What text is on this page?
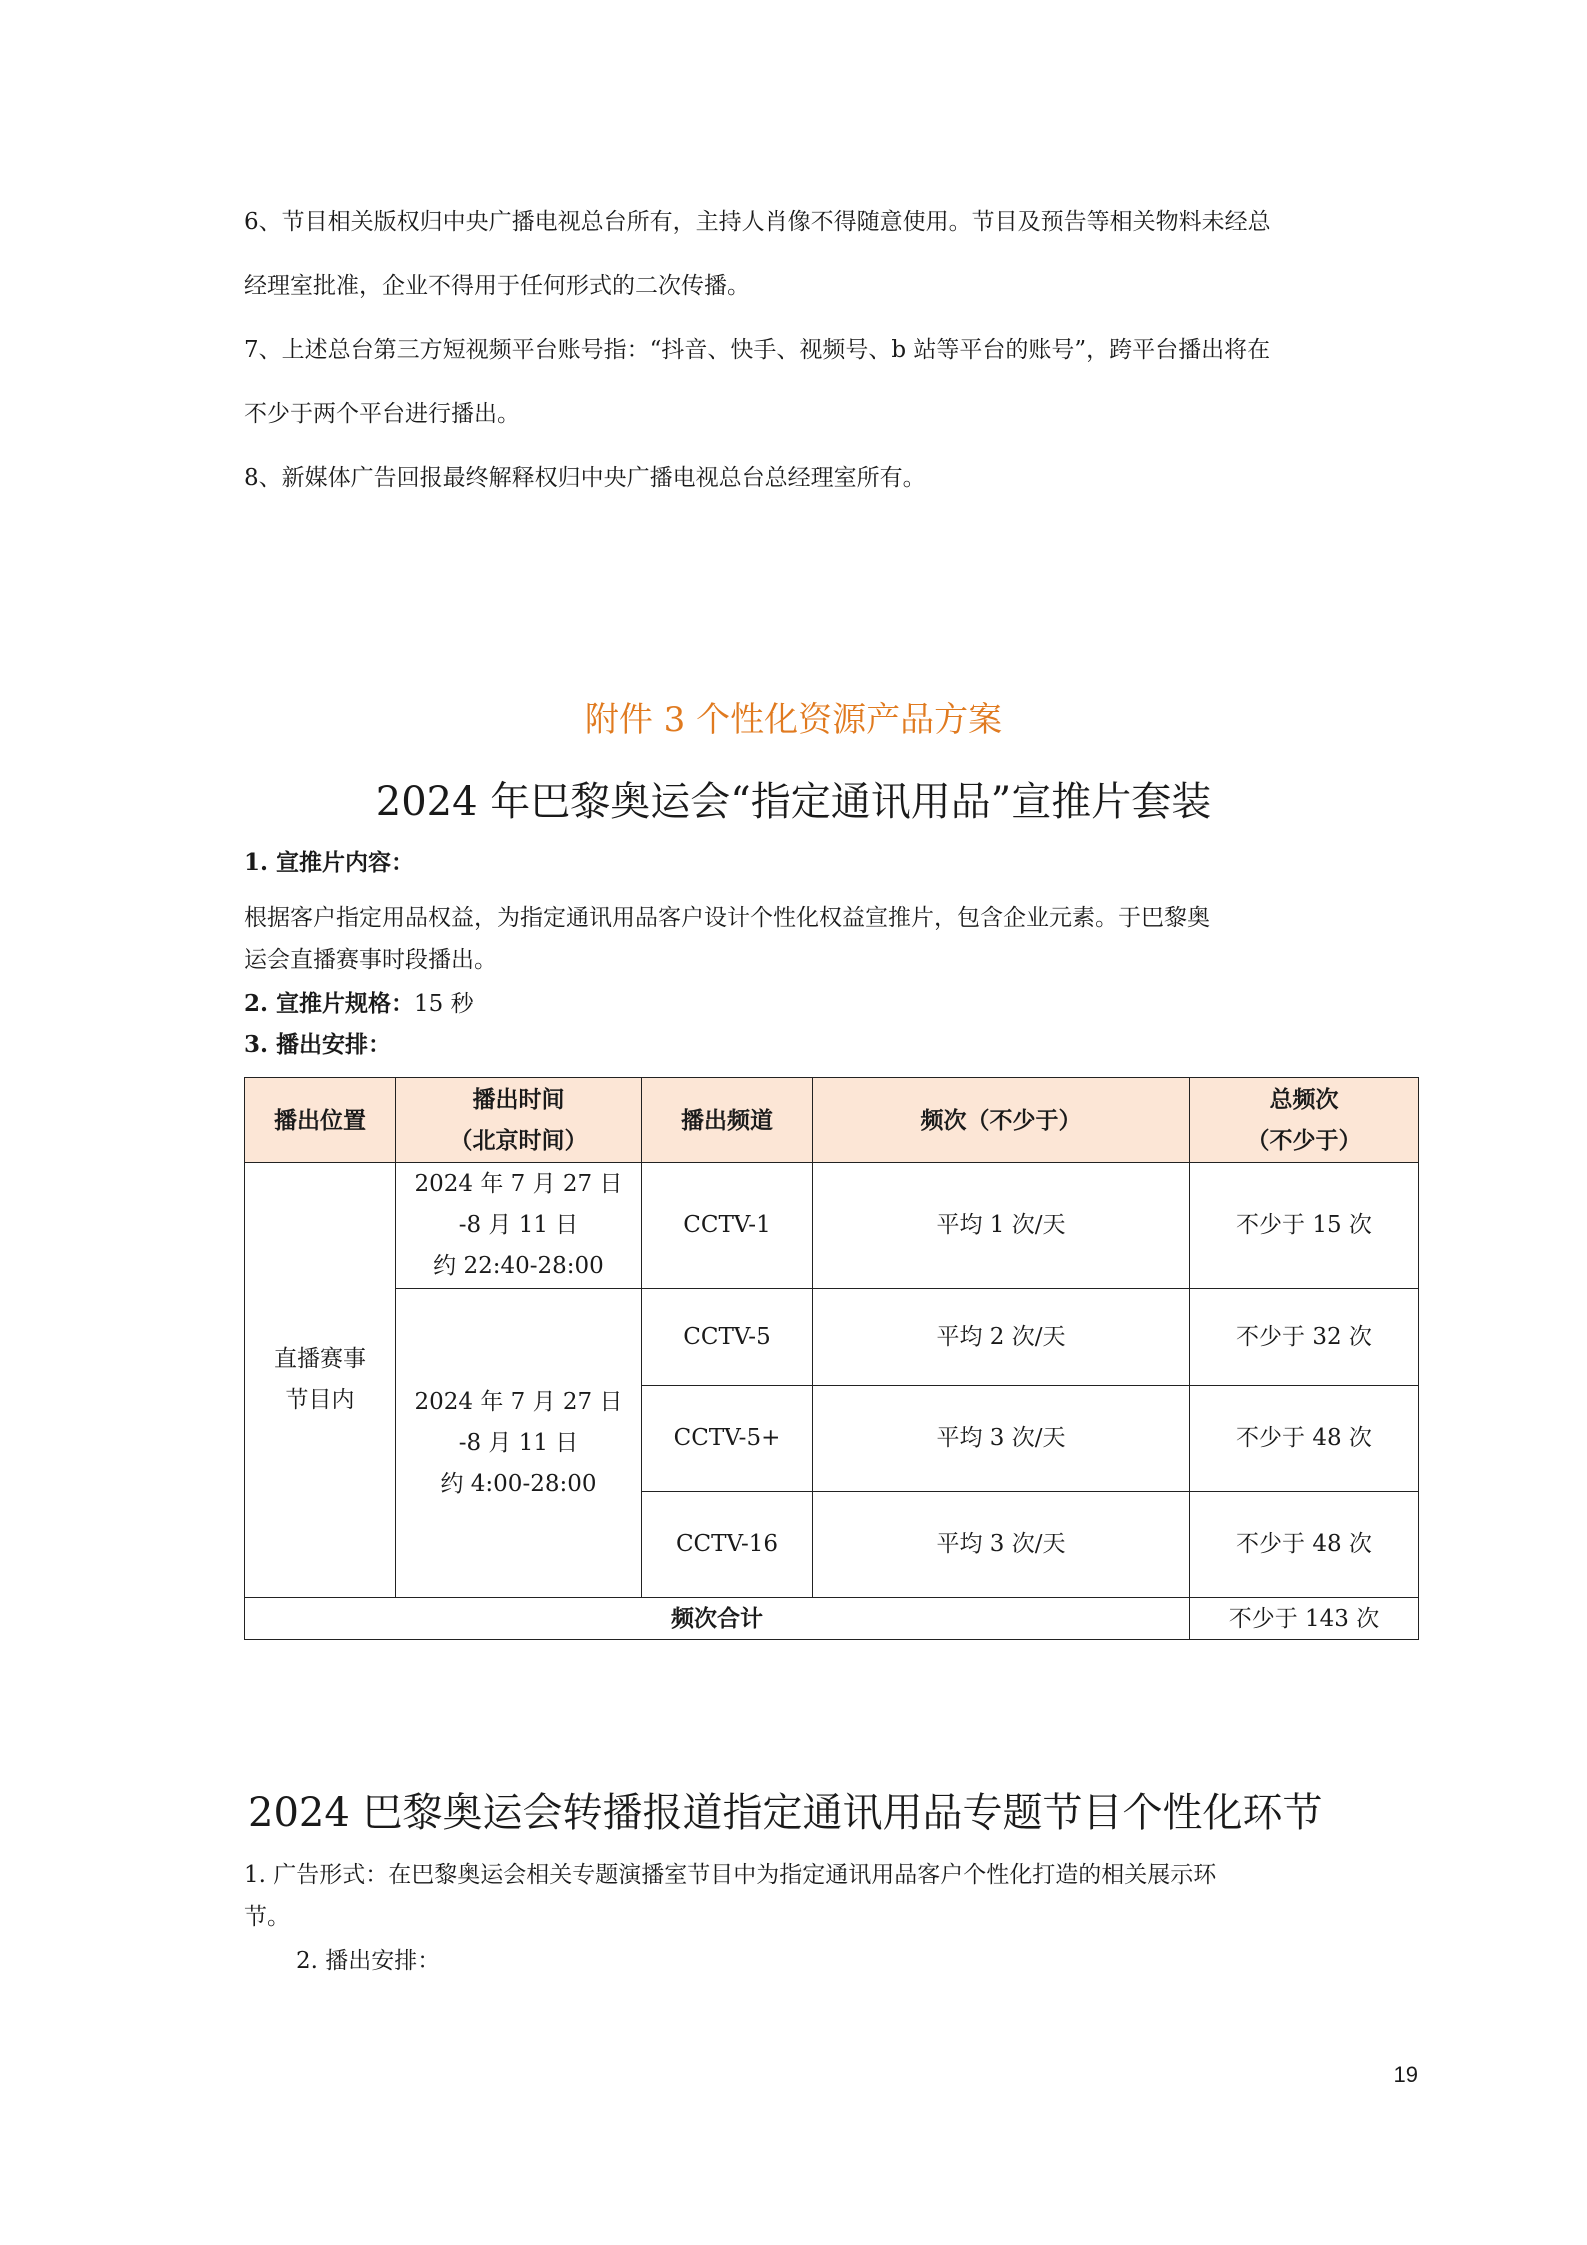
6、节目相关版权归中央广播电视总台所有，主持人肖像不得随意使用。节目及预告等相关物料未经总
经理室批准，企业不得用于任何形式的二次传播。
7、上述总台第三方短视频平台账号指：“抖音、快手、视频号、b 站等平台的账号”，跨平台播出将在
不少于两个平台进行播出。
8、新媒体广告回报最终解释权归中央广播电视总台总经理室所有。
附件 3 个性化资源产品方案
2024 年巴黎奥运会“指定通讯用品”宣推片套装
1. 宣推片内容：
根据客户指定用品权益，为指定通讯用品客户设计个性化权益宣推片，包含企业元素。于巴黎奥
运会直播赛事时段播出。
2. 宣推片规格：15 秒
3. 播出安排：
播出位置	播出时间
（北京时间）	播出频道	频次（不少于）	总频次
（不少于）

直播赛事
节目内	2024 年 7 月 27 日
-8 月 11 日
约 22:40-28:00	CCTV-1	平均 1 次/天	不少于 15 次

	2024 年 7 月 27 日
-8 月 11 日
约 4:00-28:00	CCTV-5	平均 2 次/天	不少于 32 次
		CCTV-5+	平均 3 次/天	不少于 48 次
		CCTV-16	平均 3 次/天	不少于 48 次
频次合计				不少于 143 次
2024 巴黎奥运会转播报道指定通讯用品专题节目个性化环节
1. 广告形式：在巴黎奥运会相关专题演播室节目中为指定通讯用品客户个性化打造的相关展示环
节。
2. 播出安排：
19
